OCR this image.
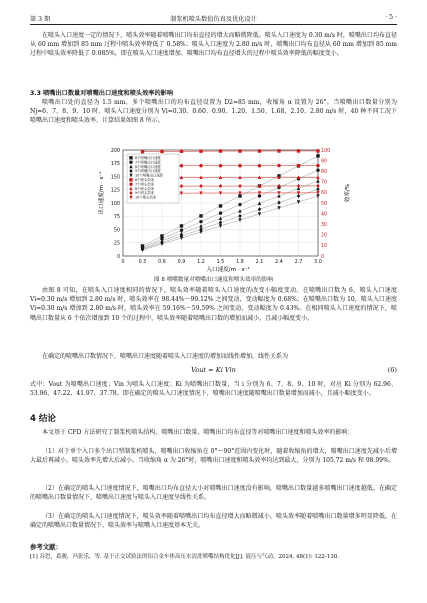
第 3 期	制浆机喷头数值仿真及优化设计	· 5 ·
在喷头入口速度一定的情况下，喷头效率随着喷嘴出口均布直径的增大而略微降低。喷头入口速度为 0.30 m/s 时，喷嘴出口均布直径从 60 mm 增加到 85 mm 过程中喷头效率降低了 0.58%；喷头入口速度为 2.80 m/s 时，喷嘴出口均布直径从 60 mm 增加到 85 mm 过程中喷头效率降低了 0.085%，即在喷头入口速度增加、喷嘴出口均布直径增大的过程中喷头效率降低的幅度变小。
3.3 喷嘴出口数量对喷嘴出口速度和喷头效率的影响
喷嘴出口处的直径为 1.5 mm，多个喷嘴出口的均布直径设置为 D2=85 mm，收缩角 α 设置为 26°。当喷嘴出口数量分别为 Nj=6、7、8、9、10 时，喷头入口速度分别为 Vi=0.30、0.60、0.90、1.20、1.50、1.68、2.10、2.80 m/s 时，40 种不同工况下喷嘴出口速度和喷头效率、计算结果如图 8 所示。
0
25
50
75
100
125
150
175
200
0
10
20
30
40
50
60
70
80
90
100
0	0.3 0.6 0.9 1.2 1.5 1.8 2.1 2.4 2.7 3.0
6个喷嘴出口速度
7个喷嘴出口速度
8个喷嘴出口速度
9个喷嘴出口速度
10个喷嘴出口速度
6个喷头效率
7个喷头效率
8个喷头效率
9个喷头效率
10个喷头效率
出口速度/m · s⁻¹	效率/%
入口速度/m · s⁻¹
图 8 喷嘴数量对喷嘴出口速度和喷头效率的影响
由图 8 可知，在喷头入口速度相同的情况下，喷头效率随着喷头入口速度的改变小幅度变动。在喷嘴出口数为 6，喷头入口速度 Vi=0.30 m/s 增加到 2.80 m/s 时，喷头效率在 98.44%～99.12% 之间变动，变动幅度为 0.68%；在喷嘴出口数为 10，喷头入口速度 Vi=0.30 m/s 增加到 2.80 m/s 时，喷头效率在 59.16%～59.59% 之间变动，变动幅度为 0.43%。在相同喷头入口速度的情况下，喷嘴出口数量从 6 个依次增加到 10 个的过程中，喷头效率随着喷嘴出口数的增加而减小，且减小幅度变小。
在确定的喷嘴出口数情况下，喷嘴出口速度随着喷头入口速度的增加而线性增加，线性关系为
Vout = Ki Vin	(6)
式中：Vout 为喷嘴出口速度；Vin 为喷头入口速度；Ki 为喷嘴出口数量，当 i 分别为 6、7、8、9、10 时，对应 Ki 分别为 62.96、53.96、47.22、41.97、37.78。即在确定的喷头入口速度情况下，喷嘴出口速度随喷嘴出口数量增加而减小，且减小幅度变小。
4 结论
本文基于 CFD 方法研究了制浆机喷头结构、喷嘴出口数量、喷嘴出口均布直径等对喷嘴出口速度和喷头效率的影响：
（1）对于单个入口多个出口型制浆机喷头，喷嘴出口收缩角在 0°～90°范围内变化时，随着收缩角的增大，喷嘴出口速度先减小后增大最后再减小，喷头效率先增大后减小。当收缩角 α 为 26°时，喷嘴出口速度和喷头效率均达到最大，分别为 105.72 m/s 和 98.99%。
（2）在确定的喷头入口速度情况下，喷嘴出口均布直径大小对喷嘴出口速度没有影响，喷嘴出口数量越多喷嘴出口速度越低。在确定的喷嘴出口数量情况下，喷嘴出口速度与喷头入口速度呈线性关系。
（3）在确定的喷头入口速度情况下，喷头效率随着喷嘴出口均布直径增大而略微减小，喷头效率随着喷嘴出口数量增多明显降低。在确定的喷嘴出口数量情况下，喷头效率与喷嘴入口速度基本无关。
参考文献：
[1] 吞恐，葛骏，冯张乐，等. 基于正交试验法的铝合金车体高压水清洗喷嘴结构优化[J]. 液压与气动，2024, 48(1): 122-130.
